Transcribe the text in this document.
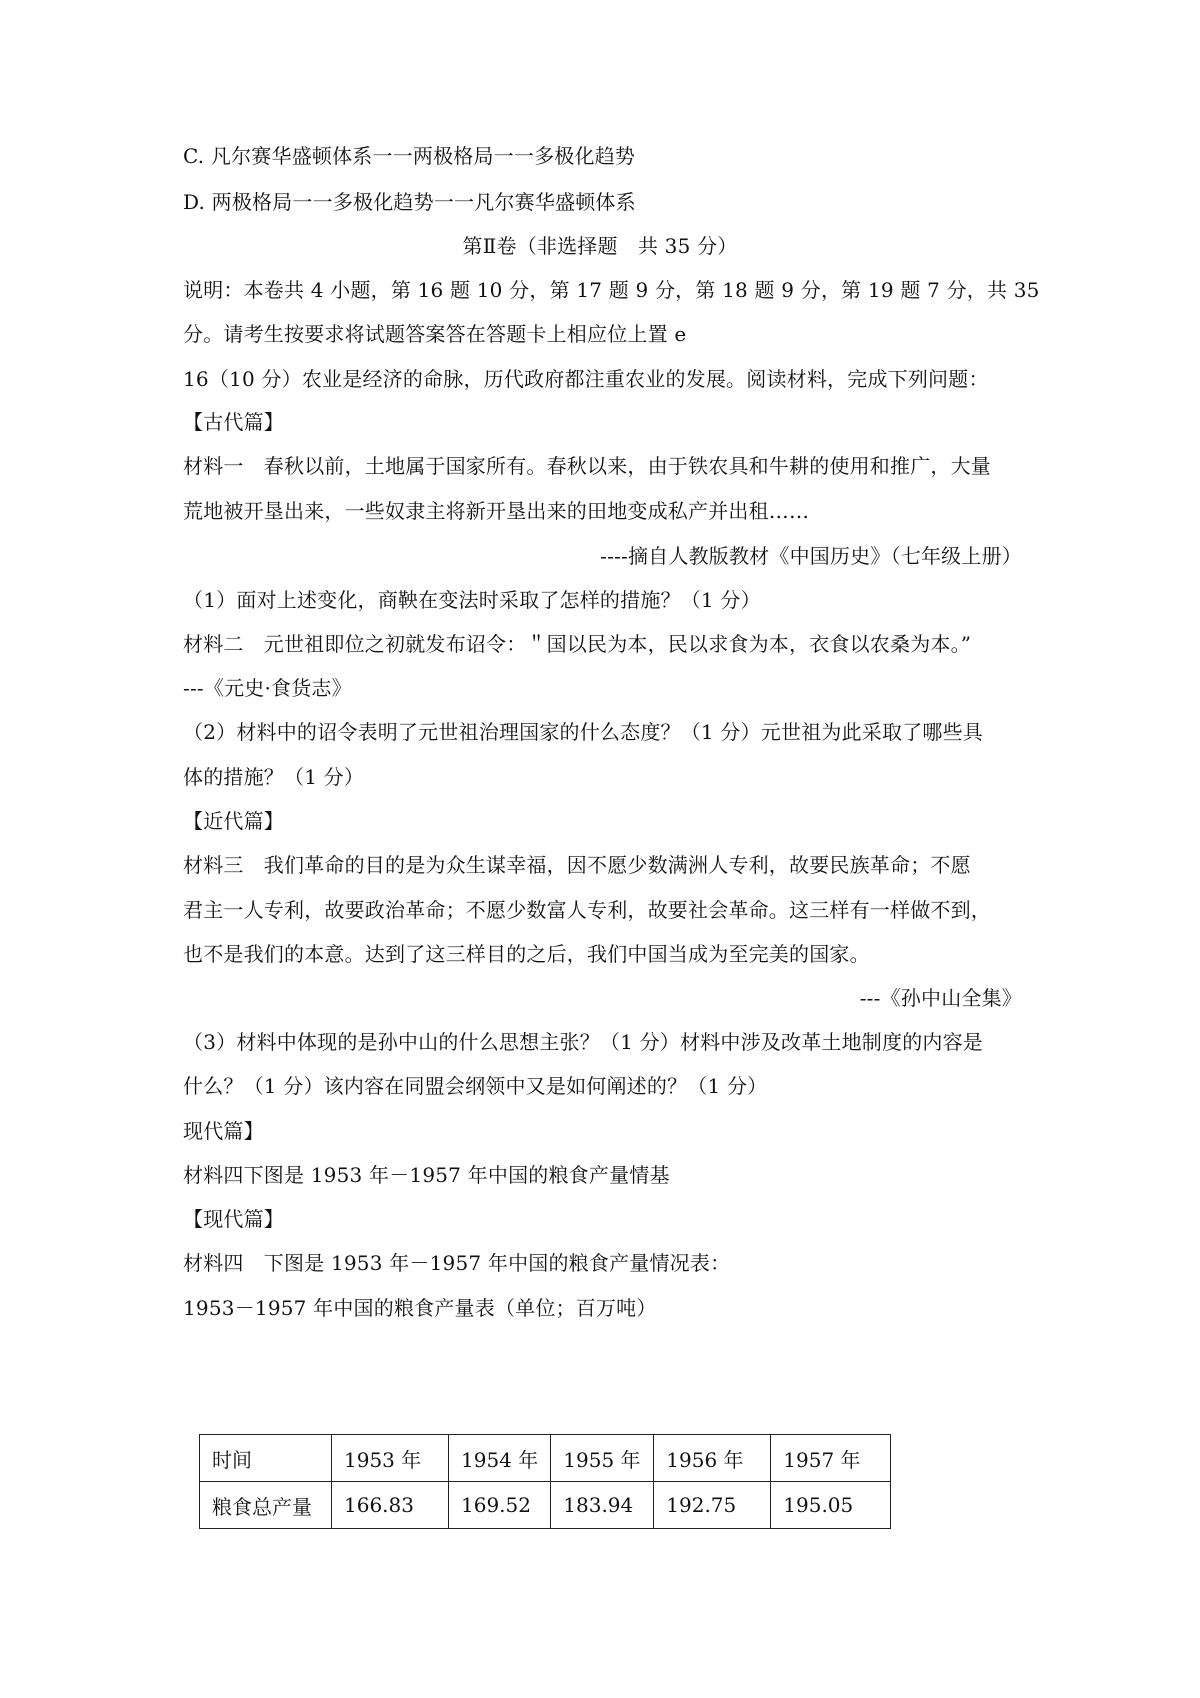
C. 凡尔赛华盛顿体系一一两极格局一一多极化趋势
D. 两极格局一一多极化趋势一一凡尔赛华盛顿体系
第Ⅱ卷（非选择题　共 35 分）
说明：本卷共 4 小题，第 16 题 10 分，第 17 题 9 分，第 18 题 9 分，第 19 题 7 分，共 35
分。请考生按要求将试题答案答在答题卡上相应位上置 e
16（10 分）农业是经济的命脉，历代政府都注重农业的发展。阅读材料，完成下列问题：
【古代篇】
材料一　春秋以前，土地属于国家所有。春秋以来，由于铁农具和牛耕的使用和推广，大量
荒地被开垦出来，一些奴隶主将新开垦出来的田地变成私产并出租……
----摘自人教版教材《中国历史》（七年级上册）
（1）面对上述变化，商鞅在变法时采取了怎样的措施？（1 分）
材料二　元世祖即位之初就发布诏令：＂国以民为本，民以求食为本，衣食以农桑为本。”
---《元史·食货志》
（2）材料中的诏令表明了元世祖治理国家的什么态度？（1 分）元世祖为此采取了哪些具
体的措施？（1 分）
【近代篇】
材料三　我们革命的目的是为众生谋幸福，因不愿少数满洲人专利，故要民族革命；不愿
君主一人专利，故要政治革命；不愿少数富人专利，故要社会革命。这三样有一样做不到，
也不是我们的本意。达到了这三样目的之后，我们中国当成为至完美的国家。
---《孙中山全集》
（3）材料中体现的是孙中山的什么思想主张？（1 分）材料中涉及改革土地制度的内容是
什么？（1 分）该内容在同盟会纲领中又是如何阐述的？（1 分）
现代篇】
材料四下图是 1953 年－1957 年中国的粮食产量情基
【现代篇】
材料四　下图是 1953 年－1957 年中国的粮食产量情况表：
1953－1957 年中国的粮食产量表（单位；百万吨）
时间	1953 年	1954 年	1955 年	1956 年	1957 年
粮食总产量	166.83	169.52	183.94	192.75	195.05
